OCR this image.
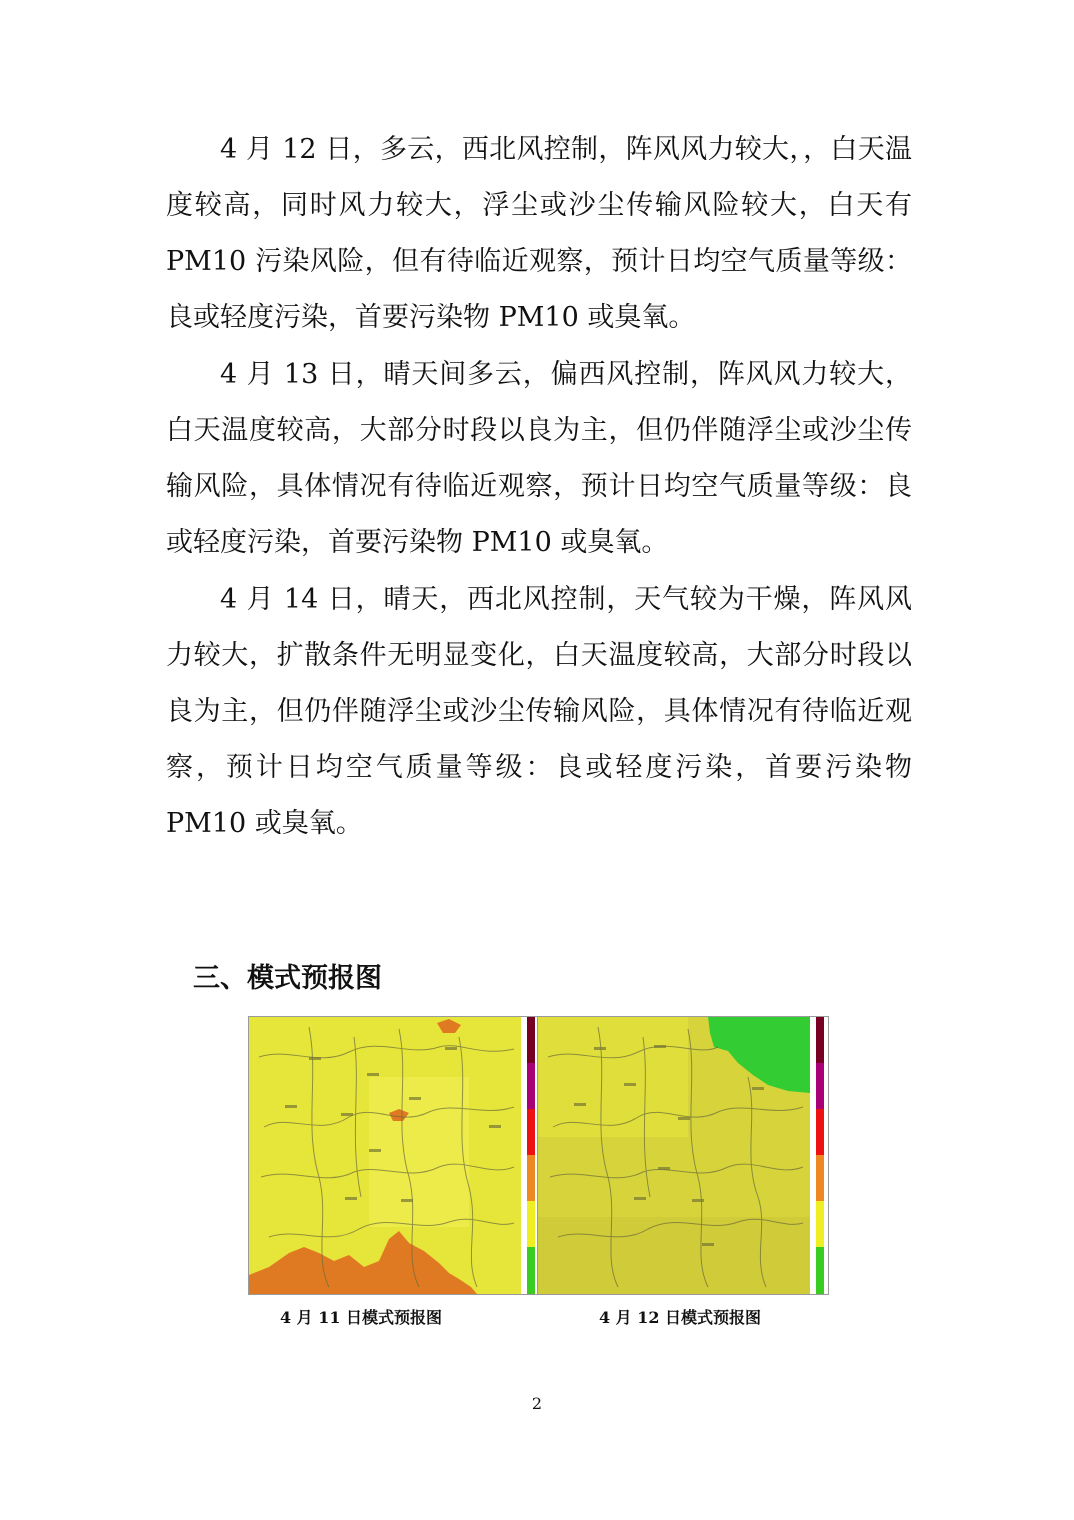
4 月 12 日，多云，西北风控制，阵风风力较大，，白天温度较高，同时风力较大，浮尘或沙尘传输风险较大，白天有 PM10 污染风险，但有待临近观察，预计日均空气质量等级：良或轻度污染，首要污染物 PM10 或臭氧。

4 月 13 日，晴天间多云，偏西风控制，阵风风力较大，白天温度较高，大部分时段以良为主，但仍伴随浮尘或沙尘传输风险，具体情况有待临近观察，预计日均空气质量等级：良或轻度污染，首要污染物 PM10 或臭氧。

4 月 14 日，晴天，西北风控制，天气较为干燥，阵风风力较大，扩散条件无明显变化，白天温度较高，大部分时段以良为主，但仍伴随浮尘或沙尘传输风险，具体情况有待临近观察，预计日均空气质量等级：良或轻度污染，首要污染物 PM10 或臭氧。

三、模式预报图
4 月 11 日模式预报图	4 月 12 日模式预报图
2
